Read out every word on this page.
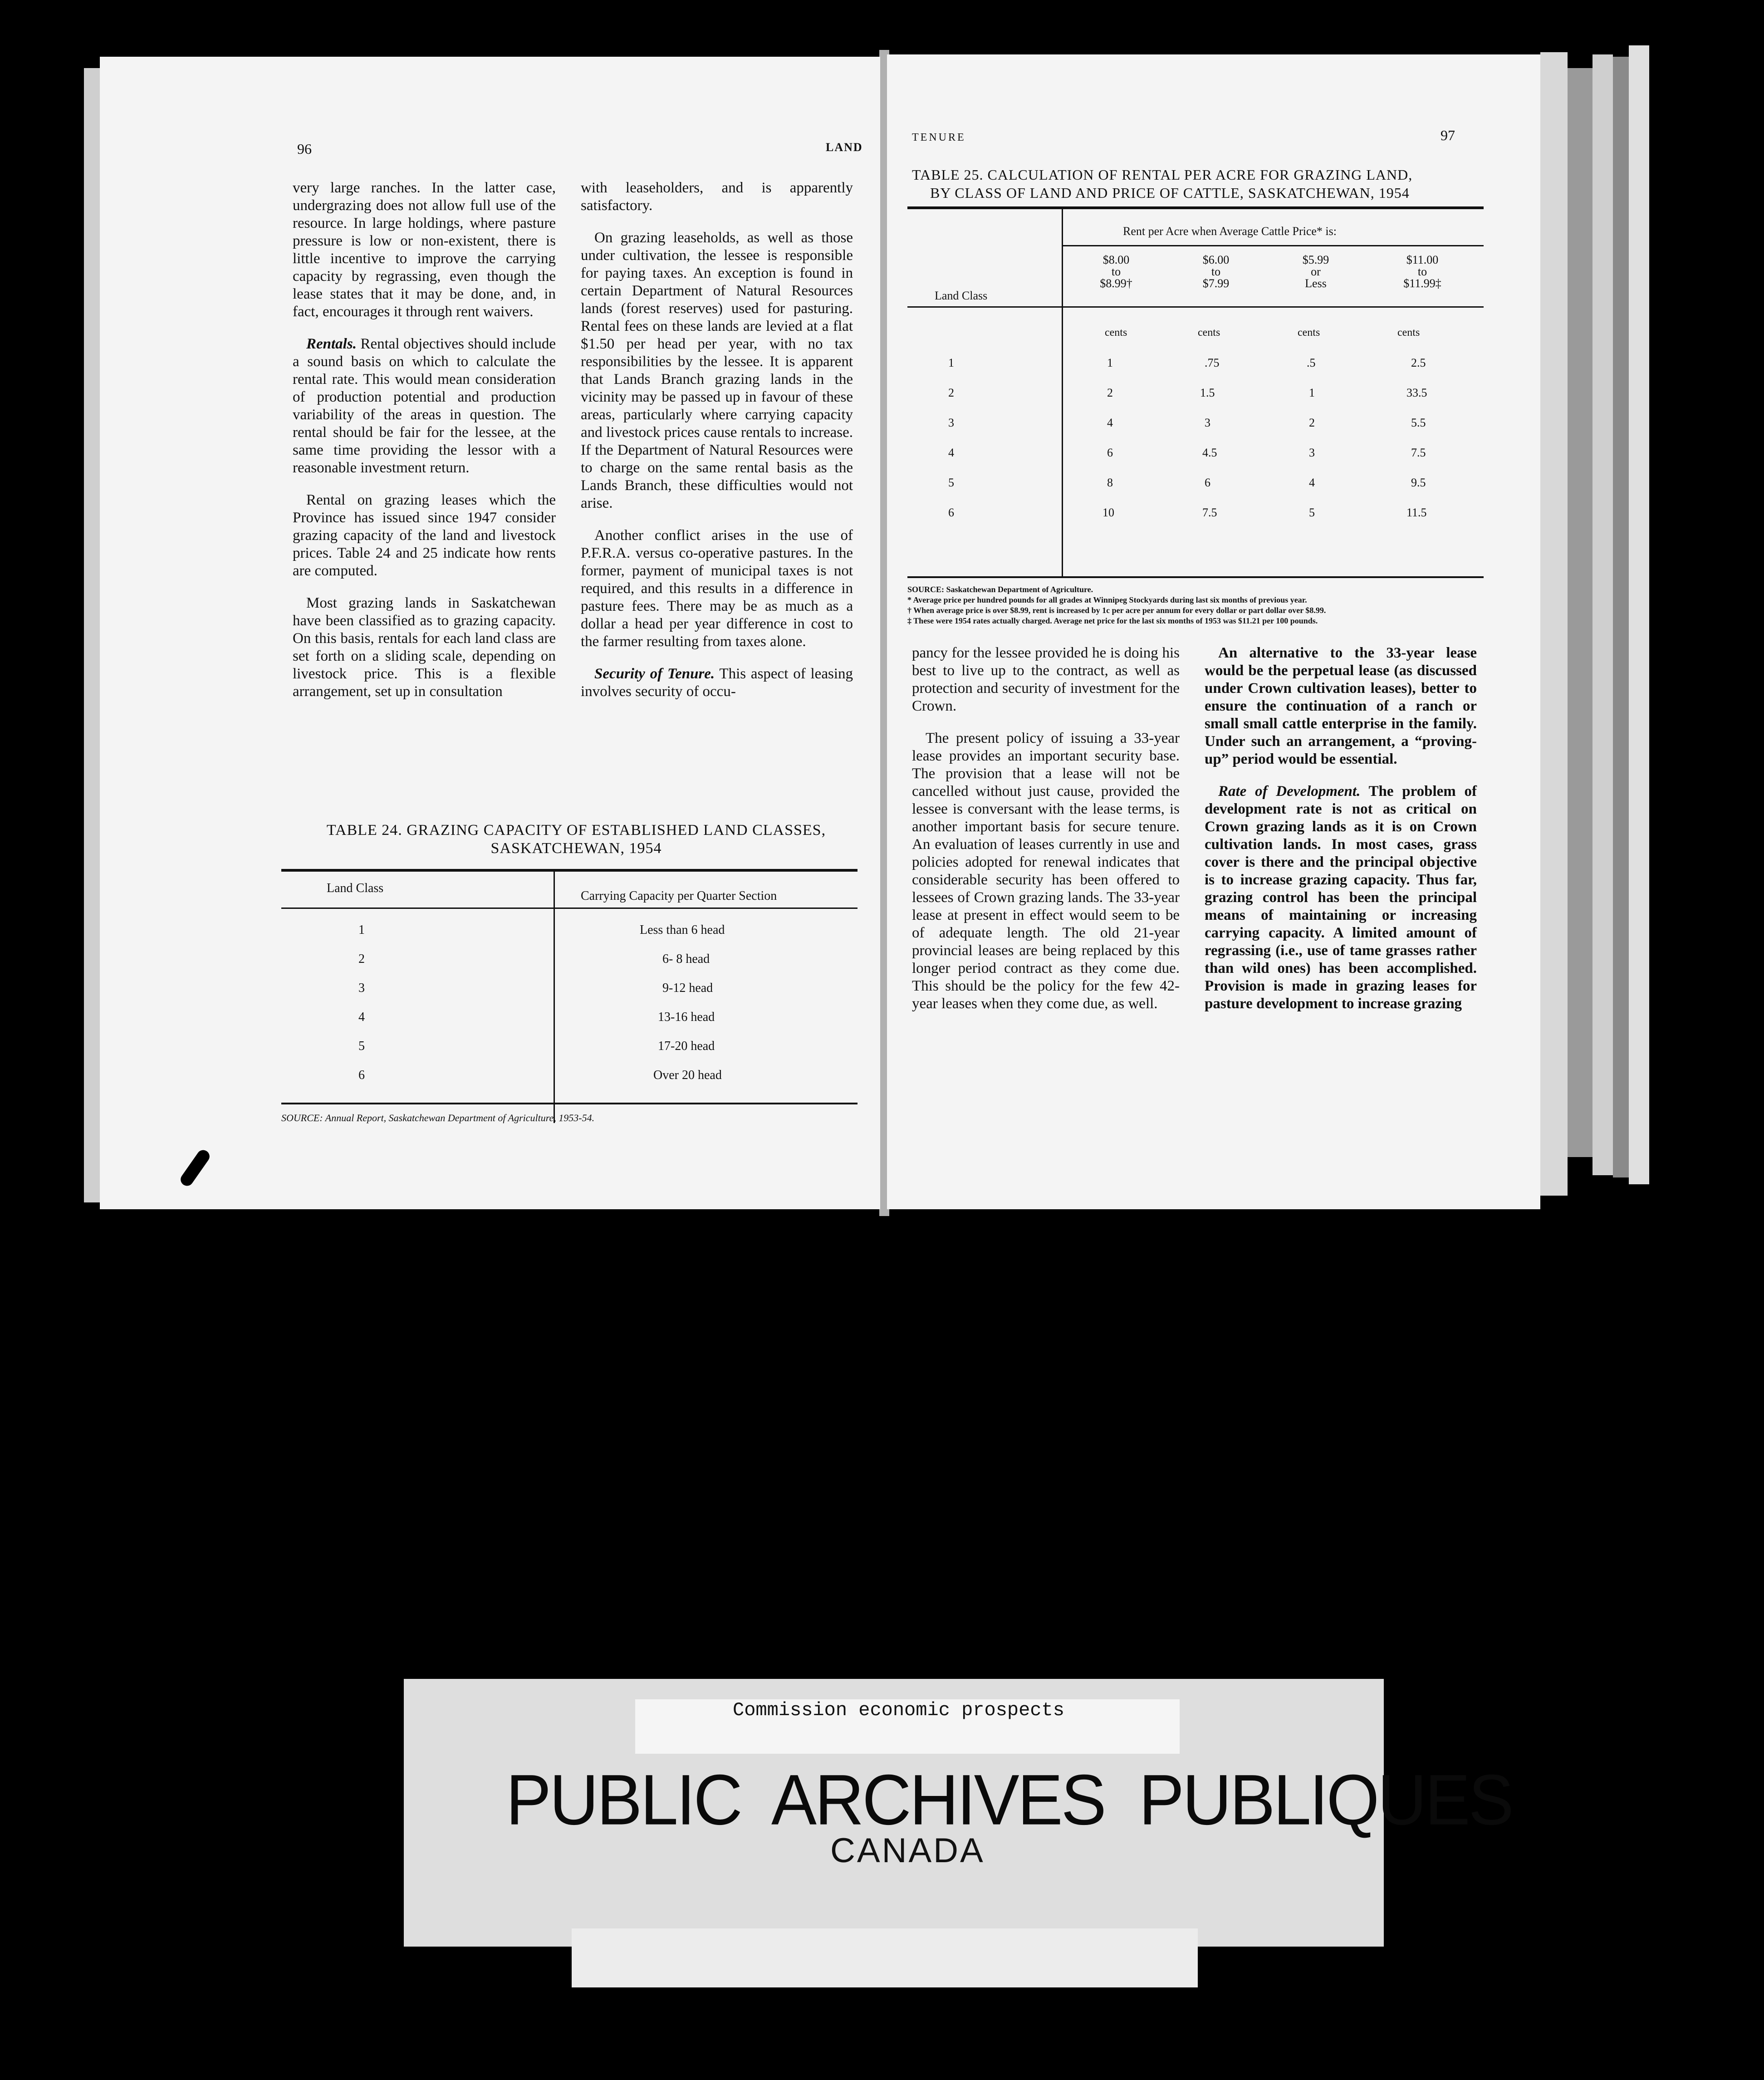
96	LAND

very large ranches. In the latter case, undergrazing does not allow full use of the resource. In large holdings, where pasture pressure is low or non-existent, there is little incentive to improve the carrying capacity by regrassing, even though the lease states that it may be done, and, in fact, encourages it through rent waivers.

Rentals. Rental objectives should include a sound basis on which to calculate the rental rate. This would mean consideration of production potential and production variability of the areas in question. The rental should be fair for the lessee, at the same time providing the lessor with a reasonable investment return.

Rental on grazing leases which the Province has issued since 1947 consider grazing capacity of the land and livestock prices. Table 24 and 25 indicate how rents are computed.

Most grazing lands in Saskatchewan have been classified as to grazing capacity. On this basis, rentals for each land class are set forth on a sliding scale, depending on livestock price. This is a flexible arrangement, set up in consultation

with leaseholders, and is apparently satisfactory.

On grazing leaseholds, as well as those under cultivation, the lessee is responsible for paying taxes. An exception is found in certain Department of Natural Resources lands (forest reserves) used for pasturing. Rental fees on these lands are levied at a flat $1.50 per head per year, with no tax responsibilities by the lessee. It is apparent that Lands Branch grazing lands in the vicinity may be passed up in favour of these areas, particularly where carrying capacity and livestock prices cause rentals to increase. If the Department of Natural Resources were to charge on the same rental basis as the Lands Branch, these difficulties would not arise.

Another conflict arises in the use of P.F.R.A. versus co-operative pastures. In the former, payment of municipal taxes is not required, and this results in a difference in pasture fees. There may be as much as a dollar a head per year difference in cost to the farmer resulting from taxes alone.

Security of Tenure. This aspect of leasing involves security of occu-

TABLE 24. GRAZING CAPACITY OF ESTABLISHED LAND CLASSES,
SASKATCHEWAN, 1954
Land Class
Carrying Capacity per Quarter Section
1	Less than 6 head
2	6- 8 head
3	9-12 head
4	13-16 head
5	17-20 head
6	Over 20 head
SOURCE: Annual Report, Saskatchewan Department of Agriculture, 1953-54.
TENURE	97
TABLE 25. CALCULATION OF RENTAL PER ACRE FOR GRAZING LAND,
BY CLASS OF LAND AND PRICE OF CATTLE, SASKATCHEWAN, 1954
Rent per Acre when Average Cattle Price* is:
$8.00
to
$8.99†
$6.00
to
$7.99
$5.99
or
Less
$11.00
to
$11.99‡
Land Class
cents	cents	cents	cents
1	1	.75	.5	2.5
2	2	1.5	1	33.5
3	4	3	2	5.5
4	6	4.5	3	7.5
5	8	6	4	9.5
6	10	7.5	5	11.5
SOURCE: Saskatchewan Department of Agriculture.
* Average price per hundred pounds for all grades at Winnipeg Stockyards during last six months of previous year.
† When average price is over $8.99, rent is increased by 1c per acre per annum for every dollar or part dollar over $8.99.
‡ These were 1954 rates actually charged. Average net price for the last six months of 1953 was $11.21 per 100 pounds.

pancy for the lessee provided he is doing his best to live up to the contract, as well as protection and security of investment for the Crown.

The present policy of issuing a 33-year lease provides an important security base. The provision that a lease will not be cancelled without just cause, provided the lessee is conversant with the lease terms, is another important basis for secure tenure. An evaluation of leases currently in use and policies adopted for renewal indicates that considerable security has been offered to lessees of Crown grazing lands. The 33-year lease at present in effect would seem to be of adequate length. The old 21-year provincial leases are being replaced by this longer period contract as they come due. This should be the policy for the few 42-year leases when they come due, as well.

An alternative to the 33-year lease would be the perpetual lease (as discussed under Crown cultivation leases), better to ensure the continuation of a ranch or small small cattle enterprise in the family. Under such an arrangement, a “proving-up” period would be essential.

Rate of Development. The problem of development rate is not as critical on Crown grazing lands as it is on Crown cultivation lands. In most cases, grass cover is there and the principal objective is to increase grazing capacity. Thus far, grazing control has been the principal means of maintaining or increasing carrying capacity. A limited amount of regrassing (i.e., use of tame grasses rather than wild ones) has been accomplished. Provision is made in grazing leases for pasture development to increase grazing

Commission economic prospects
PUBLIC  ARCHIVES  PUBLIQUES
CANADA
